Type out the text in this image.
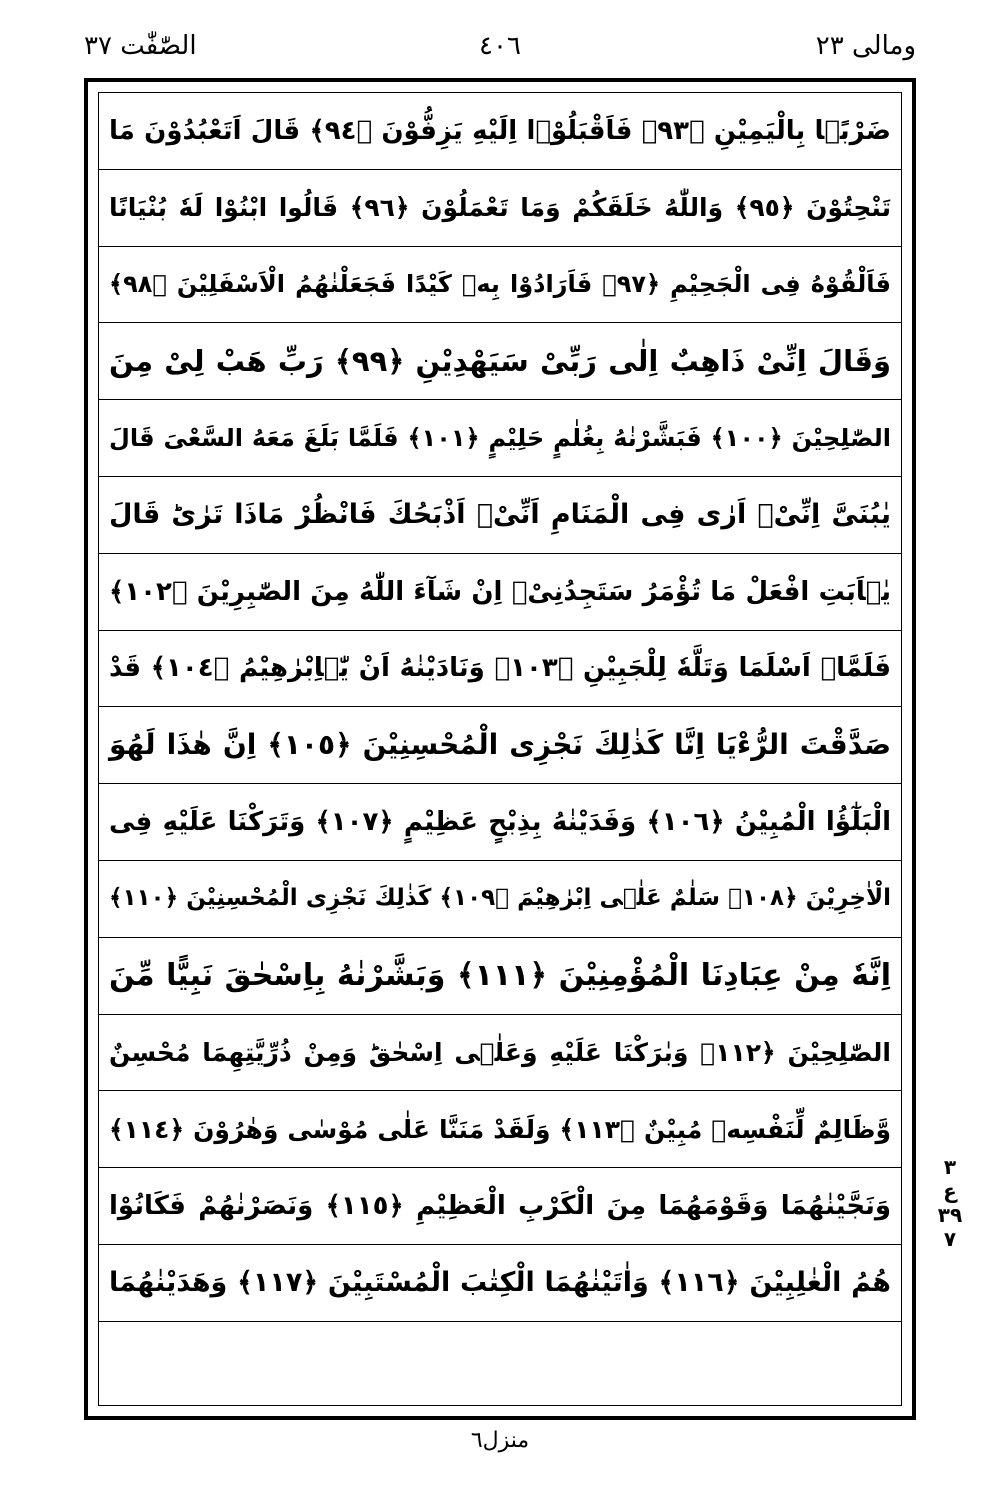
الصّٰفّٰت ٣٧	٤٠٦	ومالی ٢٣
ضَرْبًۢا بِالْيَمِيْنِ ﴿٩٣﴾ فَاَقْبَلُوْۤا اِلَيْهِ يَزِفُّوْنَ ﴿٩٤﴾ قَالَ اَتَعْبُدُوْنَ مَا
تَنْحِتُوْنَ ﴿٩٥﴾ وَاللّٰهُ خَلَقَكُمْ وَمَا تَعْمَلُوْنَ ﴿٩٦﴾ قَالُوا ابْنُوْا لَهٗ بُنْيَانًا
فَاَلْقُوْهُ فِى الْجَحِيْمِ ﴿٩٧﴾ فَاَرَادُوْا بِهٖ كَيْدًا فَجَعَلْنٰهُمُ الْاَسْفَلِيْنَ ﴿٩٨﴾
وَقَالَ اِنِّىْ ذَاهِبٌ اِلٰى رَبِّىْ سَيَهْدِيْنِ ﴿٩٩﴾ رَبِّ هَبْ لِىْ مِنَ
الصّٰلِحِيْنَ ﴿١٠٠﴾ فَبَشَّرْنٰهُ بِغُلٰمٍ حَلِيْمٍ ﴿١٠١﴾ فَلَمَّا بَلَغَ مَعَهُ السَّعْىَ قَالَ
يٰبُنَىَّ اِنِّىْۤ اَرٰى فِى الْمَنَامِ اَنِّىْۤ اَذْبَحُكَ فَانْظُرْ مَاذَا تَرٰىؕ قَالَ
يٰۤاَبَتِ افْعَلْ مَا تُؤْمَرُ سَتَجِدُنِىْۤ اِنْ شَآءَ اللّٰهُ مِنَ الصّٰبِرِيْنَ ﴿١٠٢﴾
فَلَمَّاۤ اَسْلَمَا وَتَلَّهٗ لِلْجَبِيْنِ ﴿١٠٣﴾ وَنَادَيْنٰهُ اَنْ يّٰۤاِبْرٰهِيْمُ ﴿١٠٤﴾ قَدْ
صَدَّقْتَ الرُّءْيَا اِنَّا كَذٰلِكَ نَجْزِى الْمُحْسِنِيْنَ ﴿١٠٥﴾ اِنَّ هٰذَا لَهُوَ
الْبَلٰٓؤُا الْمُبِيْنُ ﴿١٠٦﴾ وَفَدَيْنٰهُ بِذِبْحٍ عَظِيْمٍ ﴿١٠٧﴾ وَتَرَكْنَا عَلَيْهِ فِى
الْاٰخِرِيْنَ ﴿١٠٨﴾ سَلٰمٌ عَلٰۤى اِبْرٰهِيْمَ ﴿١٠٩﴾ كَذٰلِكَ نَجْزِى الْمُحْسِنِيْنَ ﴿١١٠﴾
اِنَّهٗ مِنْ عِبَادِنَا الْمُؤْمِنِيْنَ ﴿١١١﴾ وَبَشَّرْنٰهُ بِاِسْحٰقَ نَبِيًّا مِّنَ
الصّٰلِحِيْنَ ﴿١١٢﴾ وَبٰرَكْنَا عَلَيْهِ وَعَلٰۤى اِسْحٰقَؕ وَمِنْ ذُرِّيَّتِهِمَا مُحْسِنٌ
وَّظَالِمٌ لِّنَفْسِهٖ مُبِيْنٌ ﴿١١٣﴾ وَلَقَدْ مَنَنَّا عَلٰى مُوْسٰى وَهٰرُوْنَ ﴿١١٤﴾
وَنَجَّيْنٰهُمَا وَقَوْمَهُمَا مِنَ الْكَرْبِ الْعَظِيْمِ ﴿١١٥﴾ وَنَصَرْنٰهُمْ فَكَانُوْا
هُمُ الْغٰلِبِيْنَ ﴿١١٦﴾ وَاٰتَيْنٰهُمَا الْكِتٰبَ الْمُسْتَبِيْنَ ﴿١١٧﴾ وَهَدَيْنٰهُمَا
٣
ع ٣٩
٧
منزل٦
